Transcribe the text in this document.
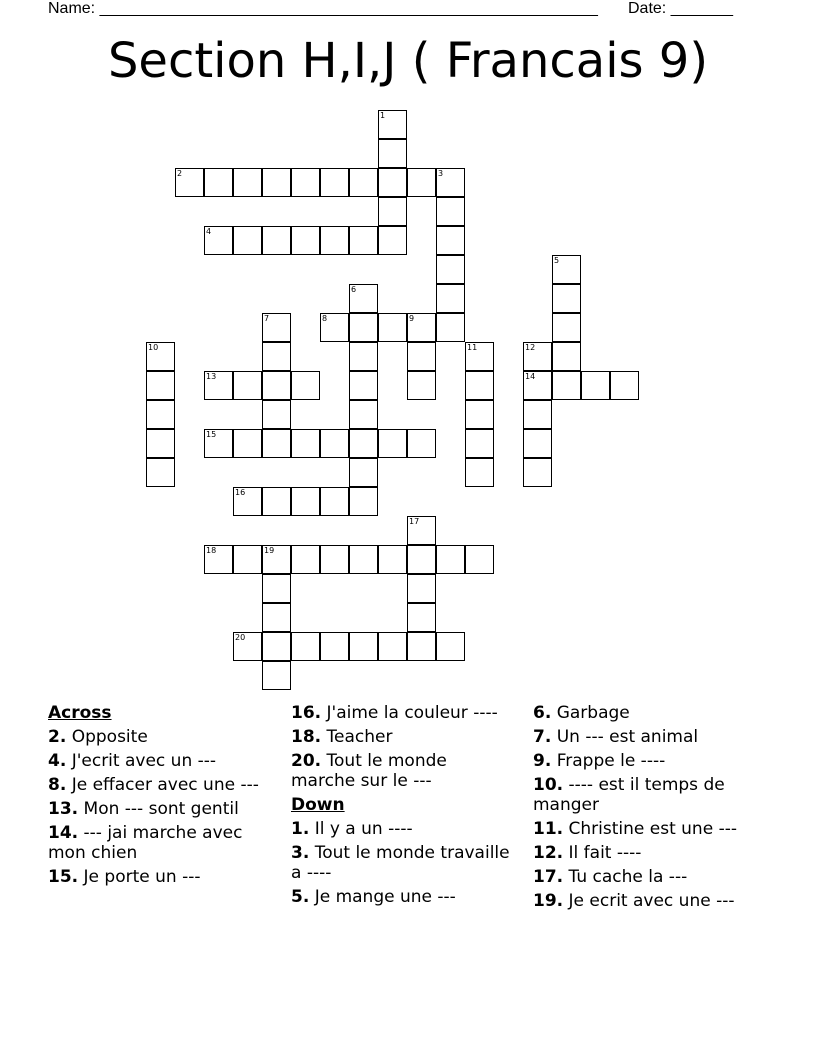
Name: ________________________________________________________ Date: _______
Section H,I,J ( Francais 9)
1
2	3
4
5
6
7	8	9
10	11	12
13	14
15
16
17
18	19
20
Across
2. Opposite
4. J'ecrit avec un ---
8. Je effacer avec une ---
13. Mon --- sont gentil
14. --- jai marche avec mon chien
15. Je porte un ---
16. J'aime la couleur ----
18. Teacher
20. Tout le monde marche sur le ---
Down
1. Il y a un ----
3. Tout le monde travaille a ----
5. Je mange une ---
6. Garbage
7. Un --- est animal
9. Frappe le ----
10. ---- est il temps de manger
11. Christine est une ---
12. Il fait ----
17. Tu cache la ---
19. Je ecrit avec une ---
